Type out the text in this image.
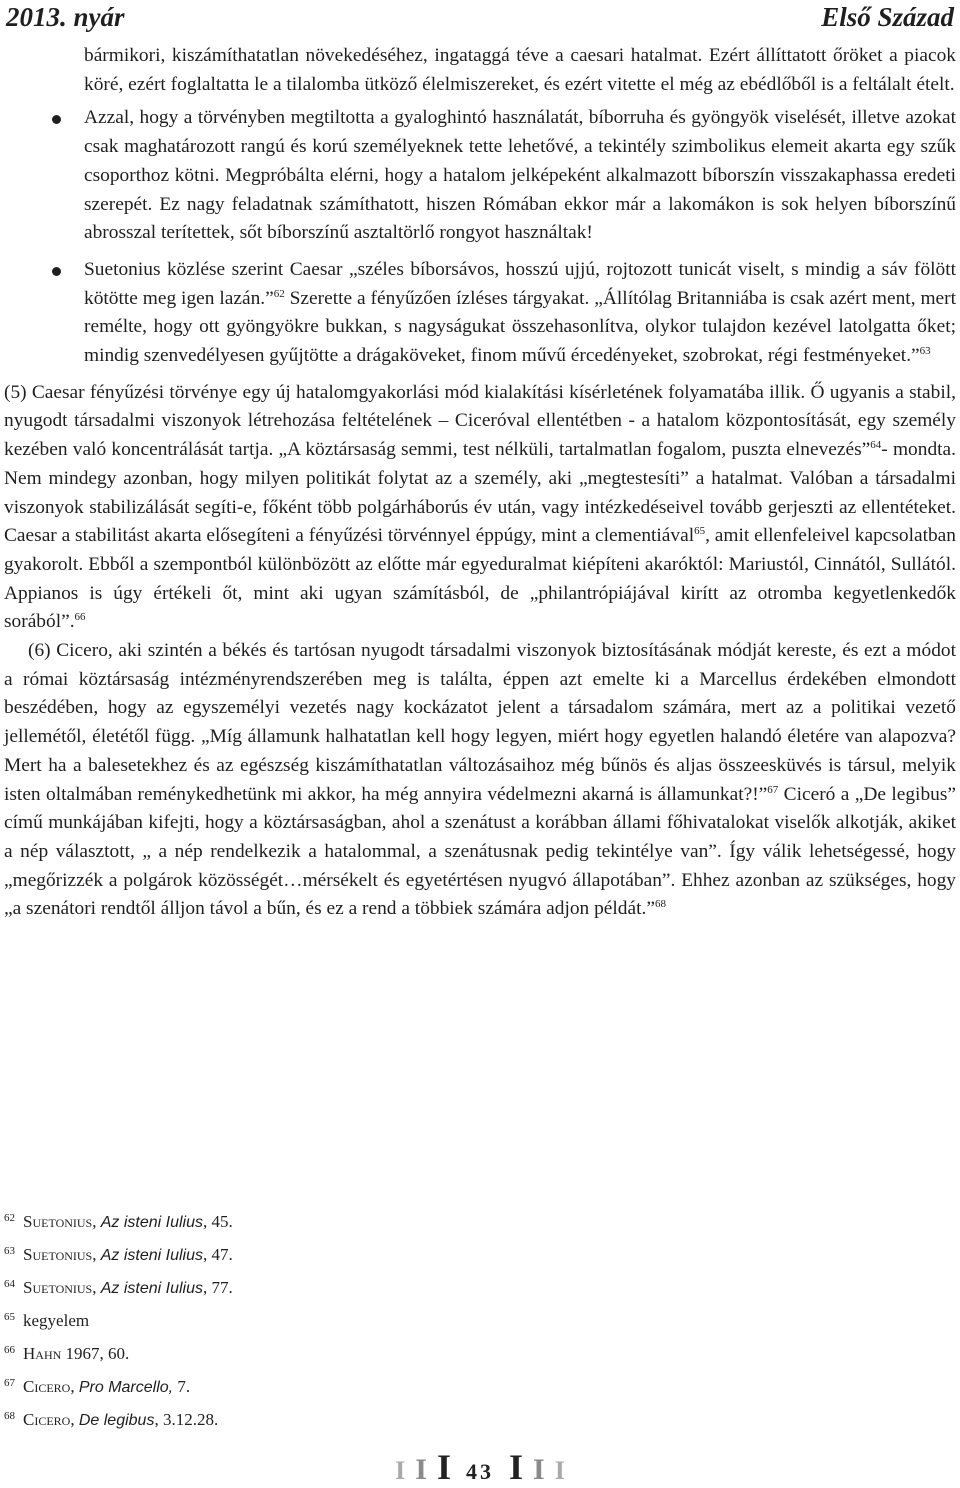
2013. nyár	Első Század

bármikori, kiszámíthatatlan növekedéséhez, ingataggá téve a caesari hatalmat. Ezért állíttatott őröket a piacok köré, ezért foglaltatta le a tilalomba ütköző élelmiszereket, és ezért vitette el még az ebédlőből is a feltálalt ételt.

Azzal, hogy a törvényben megtiltotta a gyaloghintó használatát, bíborruha és gyöngyök viselését, illetve azokat csak maghatározott rangú és korú személyeknek tette lehetővé, a tekintély szimbolikus elemeit akarta egy szűk csoporthoz kötni. Megpróbálta elérni, hogy a hatalom jelképeként alkalmazott bíborszín visszakaphassa eredeti szerepét. Ez nagy feladatnak számíthatott, hiszen Rómában ekkor már a lakomákon is sok helyen bíborszínű abrosszal terítettek, sőt bíborszínű asztaltörlő rongyot használtak!
Suetonius közlése szerint Caesar „széles bíborsávos, hosszú ujjú, rojtozott tunicát viselt, s mindig a sáv fölött kötötte meg igen lazán.”$^{62}$ Szerette a fényűzően ízléses tárgyakat. „Állítólag Britanniába is csak azért ment, mert remélte, hogy ott gyöngyökre bukkan, s nagyságukat összehasonlítva, olykor tulajdon kezével latolgatta őket; mindig szenvedélyesen gyűjtötte a drágaköveket, finom művű ércedényeket, szobrokat, régi festményeket.”$^{63}$

(5) Caesar fényűzési törvénye egy új hatalomgyakorlási mód kialakítási kísérletének folyamatába illik. Ő ugyanis a stabil, nyugodt társadalmi viszonyok létrehozása feltételének – Ciceróval ellentétben - a hatalom központosítását, egy személy kezében való koncentrálását tartja. „A köztársaság semmi, test nélküli, tartalmatlan fogalom, puszta elnevezés”$^{64}$- mondta. Nem mindegy azonban, hogy milyen politikát folytat az a személy, aki „megtestesíti” a hatalmat. Valóban a társadalmi viszonyok stabilizálását segíti-e, főként több polgárháborús év után, vagy intézkedéseivel tovább gerjeszti az ellentéteket. Caesar a stabilitást akarta elősegíteni a fényűzési törvénnyel éppúgy, mint a clementiával$^{65}$, amit ellenfeleivel kapcsolatban gyakorolt. Ebből a szempontból különbözött az előtte már egyeduralmat kiépíteni akaróktól: Mariustól, Cinnától, Sullától. Appianos is úgy értékeli őt, mint aki ugyan számításból, de „philantrópiájával kirítt az otromba kegyetlenkedők sorából”.$^{66}$

(6) Cicero, aki szintén a békés és tartósan nyugodt társadalmi viszonyok biztosításának módját kereste, és ezt a módot a római köztársaság intézményrendszerében meg is találta, éppen azt emelte ki a Marcellus érdekében elmondott beszédében, hogy az egyszemélyi vezetés nagy kockázatot jelent a társadalom számára, mert az a politikai vezető jellemétől, életétől függ. „Míg államunk halhatatlan kell hogy legyen, miért hogy egyetlen halandó életére van alapozva? Mert ha a balesetekhez és az egészség kiszámíthatatlan változásaihoz még bűnös és aljas összeesküvés is társul, melyik isten oltalmában reménykedhetünk mi akkor, ha még annyira védelmezni akarná is államunkat?!”$^{67}$ Ciceró a „De legibus” című munkájában kifejti, hogy a köztársaságban, ahol a szenátust a korábban állami főhivatalokat viselők alkotják, akiket a nép választott, „ a nép rendelkezik a hatalommal, a szenátusnak pedig tekintélye van”. Így válik lehetségessé, hogy „megőrizzék a polgárok közösségét…mérsékelt és egyetértésen nyugvó állapotában”. Ehhez azonban az szükséges, hogy „a szenátori rendtől álljon távol a bűn, és ez a rend a többiek számára adjon példát.”$^{68}$

62 Suetonius, Az isteni Iulius, 45.
63 Suetonius, Az isteni Iulius, 47.
64 Suetonius, Az isteni Iulius, 77.
65 kegyelem
66 Hahn 1967, 60.
67 Cicero, Pro Marcello, 7.
68 Cicero, De legibus, 3.12.28.
I I I 43 I I I
